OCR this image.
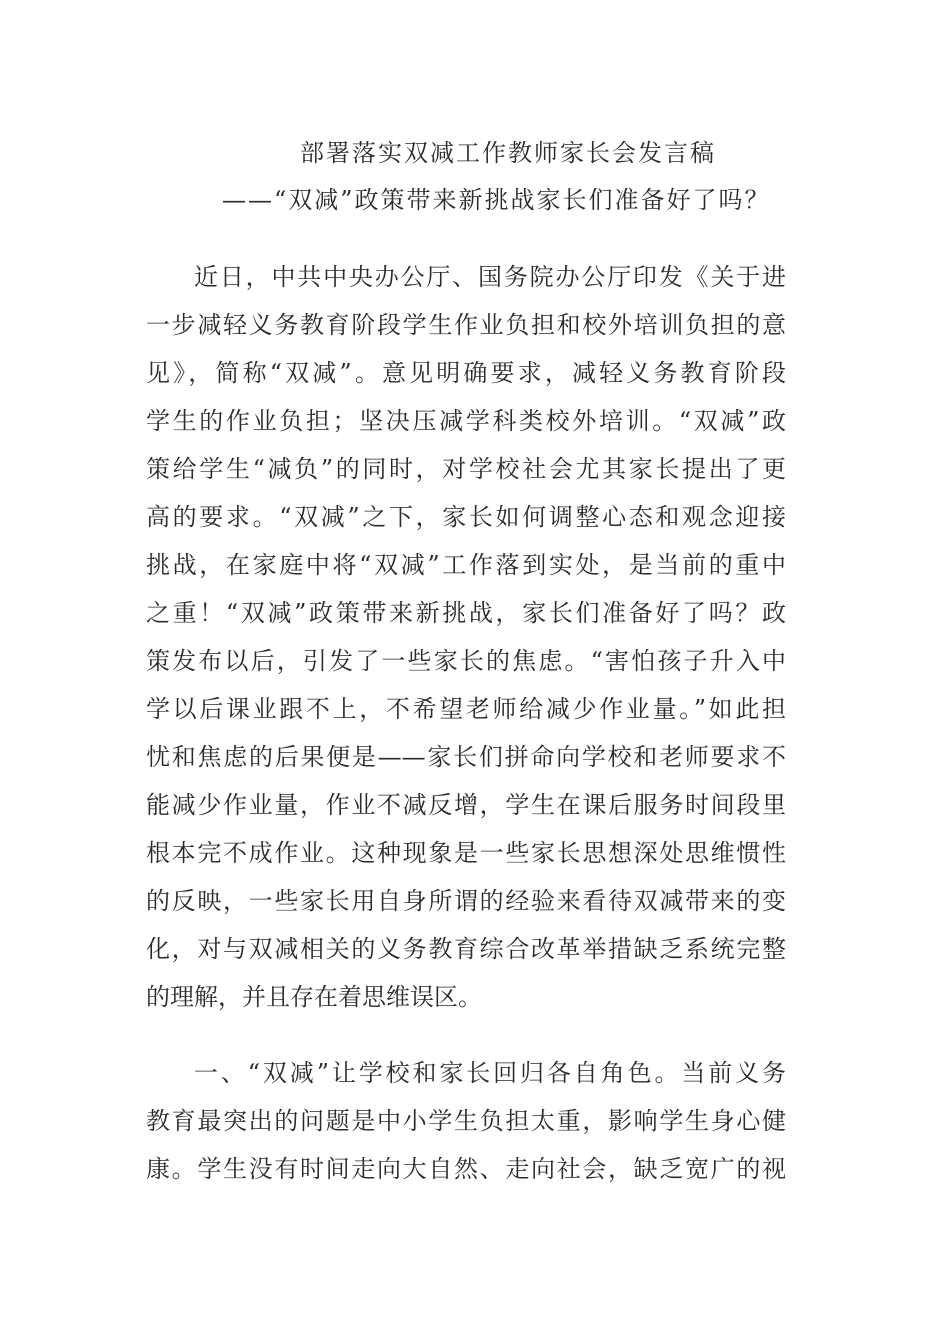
部署落实双减工作教师家长会发言稿
——“双减”政策带来新挑战家长们准备好了吗？
近日，中共中央办公厅、国务院办公厅印发《关于进
一步减轻义务教育阶段学生作业负担和校外培训负担的意
见》，简称“双减”。意见明确要求，减轻义务教育阶段
学生的作业负担；坚决压减学科类校外培训。“双减”政
策给学生“减负”的同时，对学校社会尤其家长提出了更
高的要求。“双减”之下，家长如何调整心态和观念迎接
挑战，在家庭中将“双减”工作落到实处，是当前的重中
之重！“双减”政策带来新挑战，家长们准备好了吗？政
策发布以后，引发了一些家长的焦虑。“害怕孩子升入中
学以后课业跟不上，不希望老师给减少作业量。”如此担
忧和焦虑的后果便是——家长们拼命向学校和老师要求不
能减少作业量，作业不减反增，学生在课后服务时间段里
根本完不成作业。这种现象是一些家长思想深处思维惯性
的反映，一些家长用自身所谓的经验来看待双减带来的变
化，对与双减相关的义务教育综合改革举措缺乏系统完整
的理解，并且存在着思维误区。
一、“双减”让学校和家长回归各自角色。当前义务
教育最突出的问题是中小学生负担太重，影响学生身心健
康。学生没有时间走向大自然、走向社会，缺乏宽广的视
